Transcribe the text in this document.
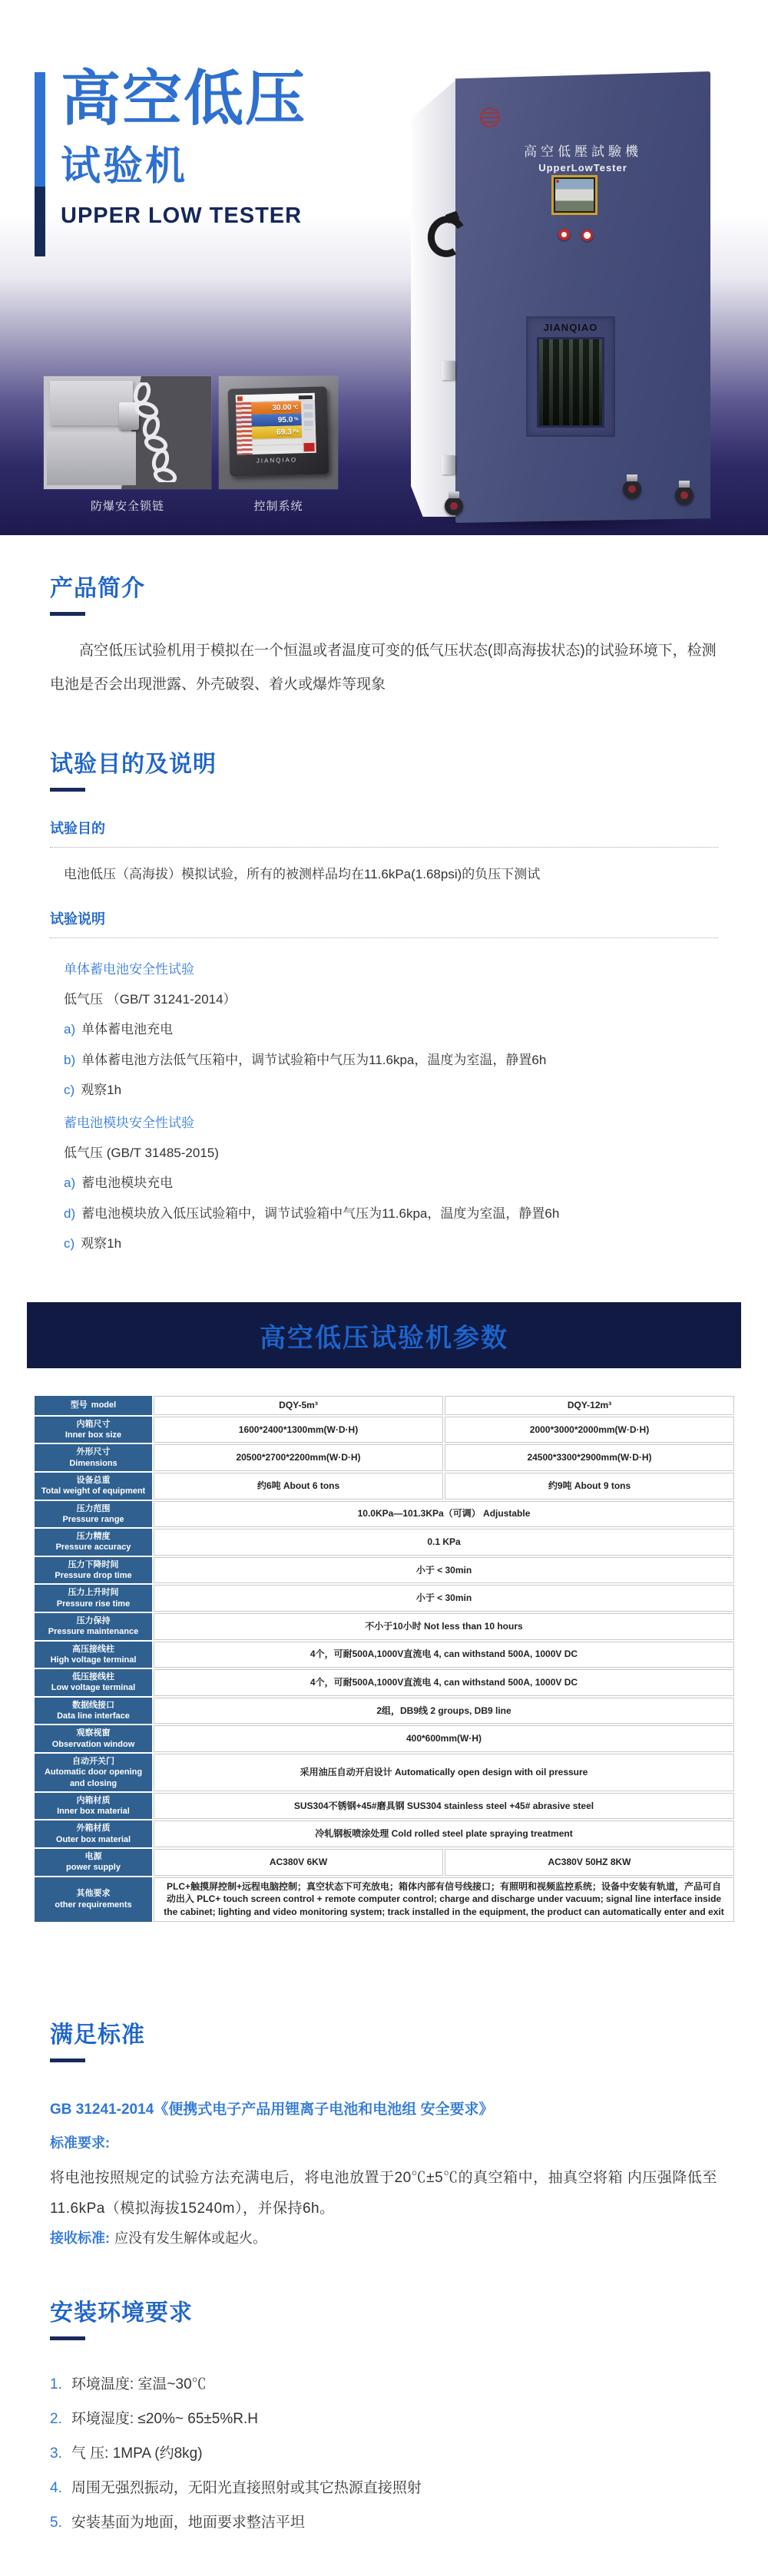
高空低压
试验机
UPPER LOW TESTER
高空低壓試驗機
UpperLowTester
JIANQIAO
30.00 ℃
95.0 %
69.3 Pa
JIANQIAO
防爆安全锁链	控制系统
产品简介

高空低压试验机用于模拟在一个恒温或者温度可变的低气压状态(即高海拔状态)的试验环境下，检测电池是否会出现泄露、外壳破裂、着火或爆炸等现象

试验目的及说明
试验目的

电池低压（高海拔）模拟试验，所有的被测样品均在11.6kPa(1.68psi)的负压下测试

试验说明
单体蓄电池安全性试验
低气压 （GB/T 31241-2014）
a) 单体蓄电池充电
b) 单体蓄电池方法低气压箱中，调节试验箱中气压为11.6kpa，温度为室温，静置6h
c) 观察1h
蓄电池模块安全性试验
低气压 (GB/T 31485-2015)
a) 蓄电池模块充电
d) 蓄电池模块放入低压试验箱中，调节试验箱中气压为11.6kpa，温度为室温，静置6h
c) 观察1h
高空低压试验机参数
型号 model	DQY-5m³	DQY-12m³
内箱尺寸
Inner box size	1600*2400*1300mm(W·D·H)	2000*3000*2000mm(W·D·H)
外形尺寸
Dimensions	20500*2700*2200mm(W·D·H)	24500*3300*2900mm(W·D·H)
设备总重
Total weight of equipment	约6吨 About 6 tons	约9吨 About 9 tons
压力范围
Pressure range	10.0KPa—101.3KPa（可调） Adjustable	
压力精度
Pressure accuracy	0.1 KPa	
压力下降时间
Pressure drop time	小于 < 30min	
压力上升时间
Pressure rise time	小于 < 30min	
压力保持
Pressure maintenance	不小于10小时 Not less than 10 hours	
高压接线柱
High voltage terminal	4个，可耐500A,1000V直流电 4, can withstand 500A, 1000V DC	
低压接线柱
Low voltage terminal	4个，可耐500A,1000V直流电 4, can withstand 500A, 1000V DC	
数据线接口
Data line interface	2组，DB9线 2 groups, DB9 line	
观察视窗
Observation window	400*600mm(W·H)	
自动开关门
Automatic door opening and closing	采用油压自动开启设计 Automatically open design with oil pressure	
内箱材质
Inner box material	SUS304不锈钢+45#磨具钢 SUS304 stainless steel +45# abrasive steel	
外箱材质
Outer box material	冷轧钢板喷涂处理 Cold rolled steel plate spraying treatment	
电源
power supply	AC380V 6KW	AC380V 50HZ 8KW
其他要求
other requirements	PLC+触摸屏控制+远程电脑控制；真空状态下可充放电；箱体内部有信号线接口；有照明和视频监控系统；设备中安装有轨道，产品可自动出入 PLC+ touch screen control + remote computer control; charge and discharge under vacuum; signal line interface inside the cabinet; lighting and video monitoring system; track installed in the equipment, the product can automatically enter and exit	
满足标准
GB 31241-2014《便携式电子产品用锂离子电池和电池组 安全要求》
标准要求:

将电池按照规定的试验方法充满电后，将电池放置于20℃±5℃的真空箱中，抽真空将箱 内压强降低至11.6kPa（模拟海拔15240m），并保持6h。

接收标准: 应没有发生解体或起火。
安装环境要求
1. 环境温度: 室温~30℃
2. 环境湿度: ≤20%~ 65±5%R.H
3. 气 压: 1MPA (约8kg)
4. 周围无强烈振动，无阳光直接照射或其它热源直接照射
5. 安装基面为地面，地面要求整洁平坦
